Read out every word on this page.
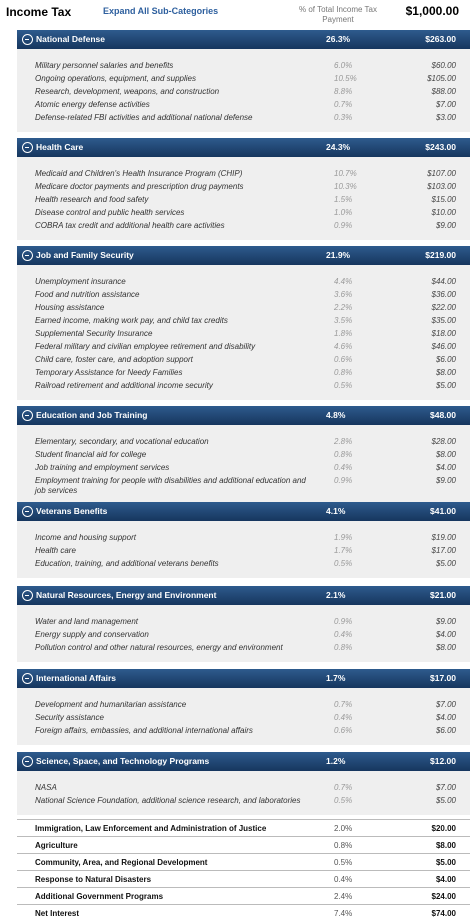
Income Tax	Expand All Sub-Categories	% of Total Income Tax Payment
$1,000.00
National Defense	26.3%	$263.00
Military personnel salaries and benefits	6.0%	$60.00
Ongoing operations, equipment, and supplies	10.5%	$105.00
Research, development, weapons, and construction	8.8%	$88.00
Atomic energy defense activities	0.7%	$7.00
Defense-related FBI activities and additional national defense	0.3%	$3.00
Health Care	24.3%	$243.00
Medicaid and Children's Health Insurance Program (CHIP)	10.7%	$107.00
Medicare doctor payments and prescription drug payments	10.3%	$103.00
Health research and food safety	1.5%	$15.00
Disease control and public health services	1.0%	$10.00
COBRA tax credit and additional health care activities	0.9%	$9.00
Job and Family Security	21.9%	$219.00
Unemployment insurance	4.4%	$44.00
Food and nutrition assistance	3.6%	$36.00
Housing assistance	2.2%	$22.00
Earned income, making work pay, and child tax credits	3.5%	$35.00
Supplemental Security Insurance	1.8%	$18.00
Federal military and civilian employee retirement and disability	4.6%	$46.00
Child care, foster care, and adoption support	0.6%	$6.00
Temporary Assistance for Needy Families	0.8%	$8.00
Railroad retirement and additional income security	0.5%	$5.00
Education and Job Training	4.8%	$48.00
Elementary, secondary, and vocational education	2.8%	$28.00
Student financial aid for college	0.8%	$8.00
Job training and employment services	0.4%	$4.00
Employment training for people with disabilities and additional education and job services
0.9%	$9.00
Veterans Benefits	4.1%	$41.00
Income and housing support	1.9%	$19.00
Health care	1.7%	$17.00
Education, training, and additional veterans benefits	0.5%	$5.00
Natural Resources, Energy and Environment	2.1%	$21.00
Water and land management	0.9%	$9.00
Energy supply and conservation	0.4%	$4.00
Pollution control and other natural resources, energy and environment	0.8%	$8.00
International Affairs	1.7%	$17.00
Development and humanitarian assistance	0.7%	$7.00
Security assistance	0.4%	$4.00
Foreign affairs, embassies, and additional international affairs	0.6%	$6.00
Science, Space, and Technology Programs	1.2%	$12.00
NASA	0.7%	$7.00
National Science Foundation, additional science research, and laboratories	0.5%	$5.00
Immigration, Law Enforcement and Administration of Justice	2.0%	$20.00
Agriculture	0.8%	$8.00
Community, Area, and Regional Development	0.5%	$5.00
Response to Natural Disasters	0.4%	$4.00
Additional Government Programs	2.4%	$24.00
Net Interest	7.4%	$74.00
